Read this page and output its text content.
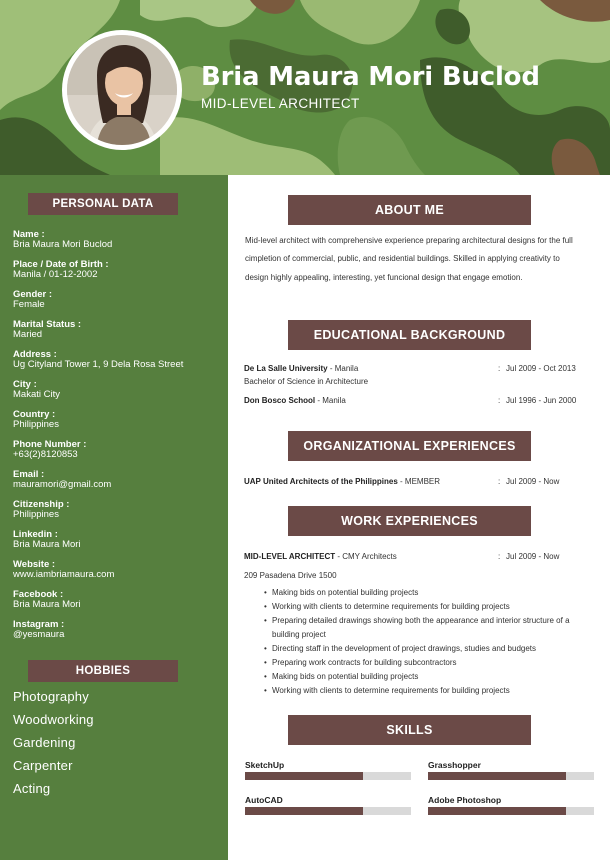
Bria Maura Mori Buclod
MID-LEVEL ARCHITECT
PERSONAL DATA
Name :
Bria Maura Mori Buclod
Place / Date of Birth :
Manila / 01-12-2002
Gender :
Female
Marital Status :
Maried
Address :
Ug Cityland Tower 1, 9 Dela Rosa Street
City :
Makati City
Country :
Philippines
Phone Number :
+63(2)8120853
Email :
mauramori@gmail.com
Citizenship :
Philippines
Linkedin :
Bria Maura Mori
Website :
www.iambriamaura.com
Facebook :
Bria Maura Mori
Instagram :
@yesmaura
HOBBIES
Photography
Woodworking
Gardening
Carpenter
Acting
ABOUT ME
Mid-level architect with comprehensive experience preparing architectural designs for the full cimpletion of commercial, public, and residential buildings. Skilled in applying creativity to design highly appealing, interesting, yet funcional design that engage emotion.
EDUCATIONAL BACKGROUND
De La Salle University - Manila	: Jul 2009 - Oct 2013
Bachelor of Science in Architecture
Don Bosco School - Manila	: Jul 1996 - Jun 2000
ORGANIZATIONAL EXPERIENCES
UAP United Architects of the Philippines - MEMBER	: Jul 2009 - Now
WORK EXPERIENCES
MID-LEVEL ARCHITECT - CMY Architects	: Jul 2009 - Now
209 Pasadena Drive 1500
• Making bids on potential building projects
• Working with clients to determine requirements for building projects
• Preparing detailed drawings showing both the appearance and interior structure of a building project
• Directing staff in the development of project drawings, studies and budgets
• Preparing work contracts for building subcontractors
• Making bids on potential building projects
• Working with clients to determine requirements for building projects
SKILLS
SketchUp	Grasshopper
AutoCAD	Adobe Photoshop
